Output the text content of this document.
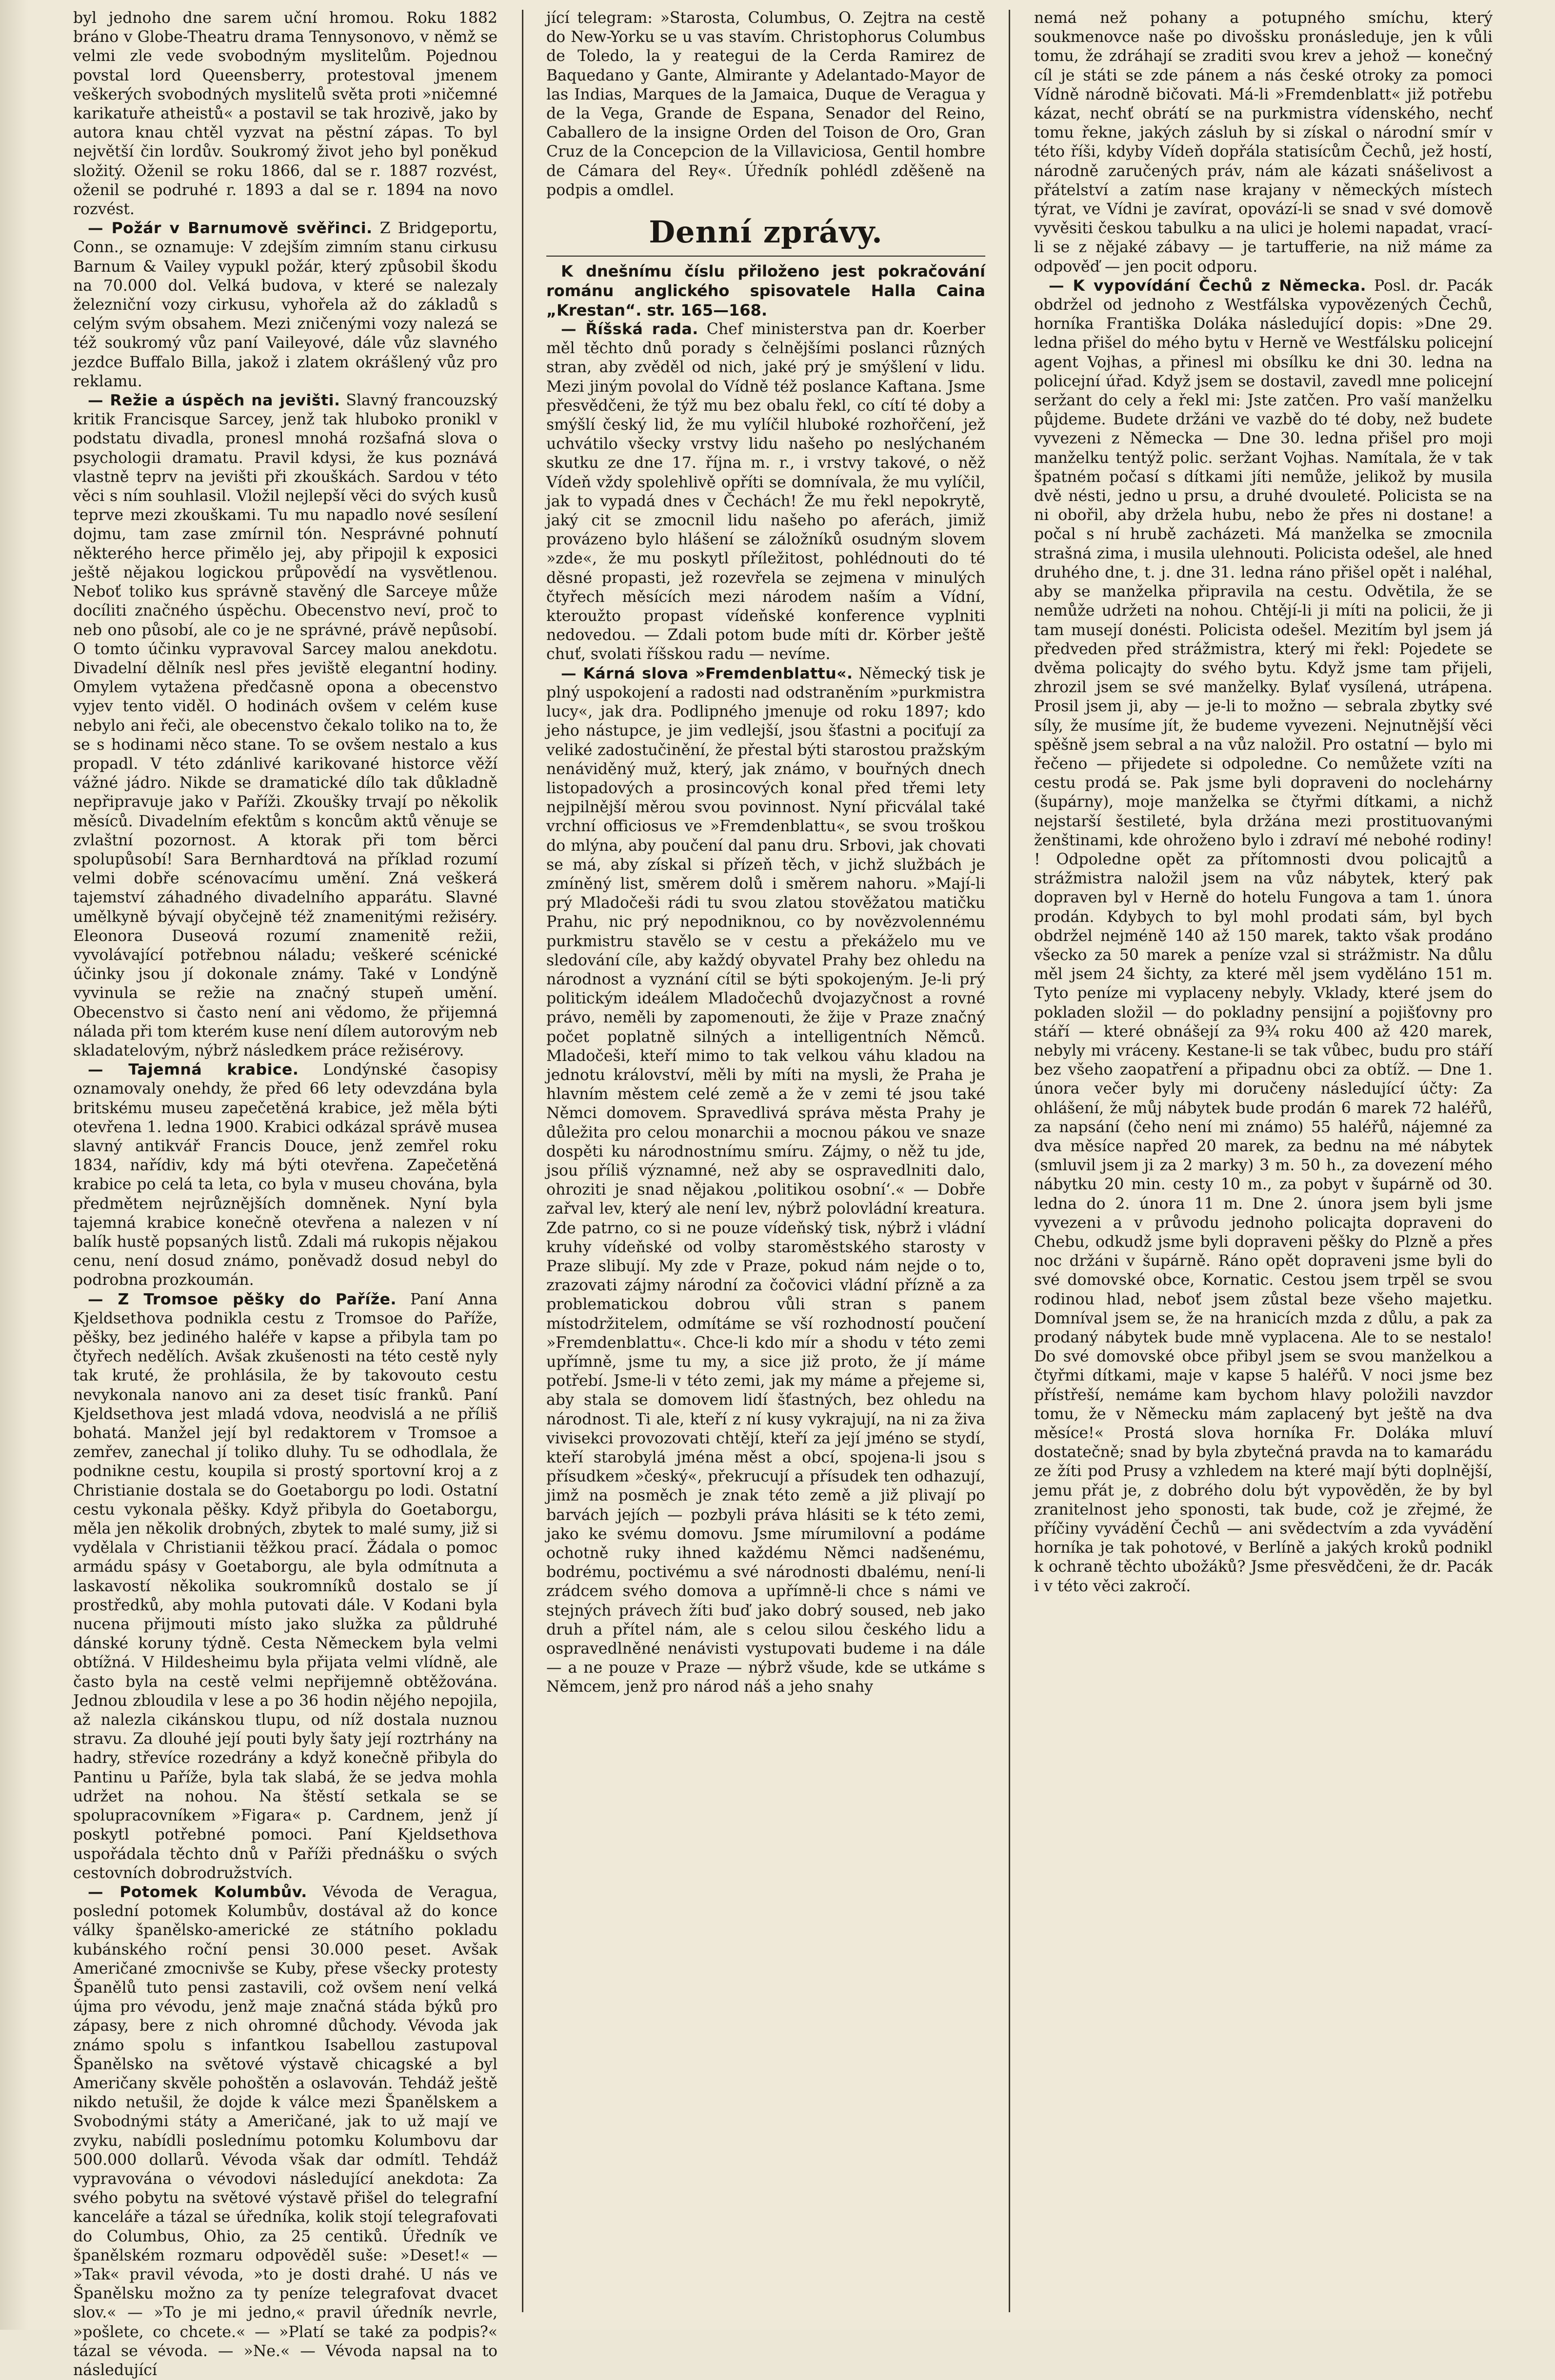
byl jednoho dne sarem uční hromou. Roku 1882 bráno v Globe-Theatru drama Tennysonovo, v němž se velmi zle vede svobodným myslitelům. Pojednou povstal lord Queensberry, protestoval jmenem veškerých svobodných myslitelů světa proti »ničemné karikatuře atheistů« a postavil se tak hrozivě, jako by autora knau chtěl vyzvat na pěstní zápas. To byl největší čin lordův. Soukromý život jeho byl poněkud složitý. Oženil se roku 1866, dal se r. 1887 rozvést, oženil se podruhé r. 1893 a dal se r. 1894 na novo rozvést.

— Požár v Barnumově svěřinci. Z Bridgeportu, Conn., se oznamuje: V zdejším zimním stanu cirkusu Barnum & Vailey vypukl požár, který způsobil škodu na 70.000 dol. Velká budova, v které se nalezaly železniční vozy cirkusu, vyhořela až do základů s celým svým obsahem. Mezi zničenými vozy nalezá se též soukromý vůz paní Vaileyové, dále vůz slavného jezdce Buffalo Billa, jakož i zlatem okrášlený vůz pro reklamu.

— Režie a úspěch na jevišti. Slavný francouzský kritik Francisque Sarcey, jenž tak hluboko pronikl v podstatu divadla, pronesl mnohá rozšafná slova o psychologii dramatu. Pravil kdysi, že kus poznává vlastně teprv na jevišti při zkouškách. Sardou v této věci s ním souhlasil. Vložil nejlepší věci do svých kusů teprve mezi zkouškami. Tu mu napadlo nové sesílení dojmu, tam zase zmírnil tón. Nesprávné pohnutí některého herce přimělo jej, aby připojil k exposici ještě nějakou logickou průpovědí na vysvětlenou. Neboť toliko kus správně stavěný dle Sarceye může docíliti značného úspěchu. Obecenstvo neví, proč to neb ono působí, ale co je ne správné, právě nepůsobí. O tomto účinku vypravoval Sarcey malou anekdotu. Divadelní dělník nesl přes jeviště elegantní hodiny. Omylem vytažena předčasně opona a obecenstvo vyjev tento viděl. O hodinách ovšem v celém kuse nebylo ani řeči, ale obecenstvo čekalo toliko na to, že se s hodinami něco stane. To se ovšem nestalo a kus propadl. V této zdánlivé karikované historce věží vážné jádro. Nikde se dramatické dílo tak důkladně nepřipravuje jako v Paříži. Zkoušky trvají po několik měsíců. Divadelním efektům s koncům aktů věnuje se zvlaštní pozornost. A ktorak při tom běrci spolupůsobí! Sara Bernhardtová na příklad rozumí velmi dobře scénovacímu umění. Zná veškerá tajemství záhadného divadelního apparátu. Slavné umělkyně bývají obyčejně též znamenitými režiséry. Eleonora Duseová rozumí znamenitě režii, vyvolávající potřebnou náladu; veškeré scénické účinky jsou jí dokonale známy. Také v Londýně vyvinula se režie na značný stupeň umění. Obecenstvo si často není ani vědomo, že přijemná nálada při tom kterém kuse není dílem autorovým neb skladatelovým, nýbrž následkem práce režisérovy.

— Tajemná krabice. Londýnské časopisy oznamovaly onehdy, že před 66 lety odevzdána byla britskému museu zapečetěná krabice, jež měla býti otevřena 1. ledna 1900. Krabici odkázal správě musea slavný antikvář Francis Douce, jenž zemřel roku 1834, nařídiv, kdy má býti otevřena. Zapečetěná krabice po celá ta leta, co byla v museu chována, byla předmětem nejrůznějších domněnek. Nyní byla tajemná krabice konečně otevřena a nalezen v ní balík hustě popsaných listů. Zdali má rukopis nějakou cenu, není dosud známo, poněvadž dosud nebyl do podrobna prozkoumán.

— Z Tromsoe pěšky do Paříže. Paní Anna Kjeldsethova podnikla cestu z Tromsoe do Paříže, pěšky, bez jediného haléře v kapse a přibyla tam po čtyřech nedělích. Avšak zkušenosti na této cestě nyly tak kruté, že prohlásila, že by takovouto cestu nevykonala nanovo ani za deset tisíc franků. Paní Kjeldsethova jest mladá vdova, neodvislá a ne příliš bohatá. Manžel její byl redaktorem v Tromsoe a zemřev, zanechal jí toliko dluhy. Tu se odhodlala, že podnikne cestu, koupila si prostý sportovní kroj a z Christianie dostala se do Goetaborgu po lodi. Ostatní cestu vykonala pěšky. Když přibyla do Goetaborgu, měla jen několik drobných, zbytek to malé sumy, již si vydělala v Christianii těžkou prací. Žádala o pomoc armádu spásy v Goetaborgu, ale byla odmítnuta a laskavostí několika soukromníků dostalo se jí prostředků, aby mohla putovati dále. V Kodani byla nucena přijmouti místo jako služka za půldruhé dánské koruny týdně. Cesta Německem byla velmi obtížná. V Hildesheimu byla přijata velmi vlídně, ale často byla na cestě velmi nepřijemně obtěžována. Jednou zbloudila v lese a po 36 hodin nějého nepojila, až nalezla cikánskou tlupu, od níž dostala nuznou stravu. Za dlouhé její pouti byly šaty její roztrhány na hadry, střevíce rozedrány a když konečně přibyla do Pantinu u Paříže, byla tak slabá, že se jedva mohla udržet na nohou. Na štěstí setkala se se spolupracovníkem »Figara« p. Cardnem, jenž jí poskytl potřebné pomoci. Paní Kjeldsethova uspořádala těchto dnů v Paříži přednášku o svých cestovních dobrodružstvích.

— Potomek Kolumbův. Vévoda de Veragua, poslední potomek Kolumbův, dostával až do konce války španělsko-americké ze státního pokladu kubánského roční pensi 30.000 peset. Avšak Američané zmocnivše se Kuby, přese všecky protesty Španělů tuto pensi zastavili, což ovšem není velká újma pro vévodu, jenž maje značná stáda býků pro zápasy, bere z nich ohromné důchody. Vévoda jak známo spolu s infantkou Isabellou zastupoval Španělsko na světové výstavě chicagské a byl Američany skvěle pohoštěn a oslavován. Tehdáž ještě nikdo netušil, že dojde k válce mezi Španělskem a Svobodnými státy a Američané, jak to už mají ve zvyku, nabídli poslednímu potomku Kolumbovu dar 500.000 dollarů. Vévoda však dar odmítl. Tehdáž vypravována o vévodovi následující anekdota: Za svého pobytu na světové výstavě přišel do telegrafní kanceláře a tázal se úředníka, kolik stojí telegrafovati do Columbus, Ohio, za 25 centiků. Úředník ve španělském rozmaru odpověděl suše: »Deset!« — »Tak« pravil vévoda, »to je dosti drahé. U nás ve Španělsku možno za ty peníze telegrafovat dvacet slov.« — »To je mi jedno,« pravil úředník nevrle, »pošlete, co chcete.« — »Platí se také za podpis?« tázal se vévoda. — »Ne.« — Vévoda napsal na to následující

jící telegram: »Starosta, Columbus, O. Zejtra na cestě do New-Yorku se u vas stavím. Christophorus Columbus de Toledo, la y reategui de la Cerda Ramirez de Baquedano y Gante, Almirante y Adelantado-Mayor de las Indias, Marques de la Jamaica, Duque de Veragua y de la Vega, Grande de Espana, Senador del Reino, Caballero de la insigne Orden del Toison de Oro, Gran Cruz de la Concepcion de la Villaviciosa, Gentil hombre de Cámara del Rey«. Úředník pohlédl zděšeně na podpis a omdlel.

Denní zprávy.

K dnešnímu číslu přiloženo jest pokračování románu anglického spisovatele Halla Caina „Krestan“. str. 165—168.

— Říšská rada. Chef ministerstva pan dr. Koerber měl těchto dnů porady s čelnějšími poslanci různých stran, aby zvěděl od nich, jaké prý je smýšlení v lidu. Mezi jiným povolal do Vídně též poslance Kaftana. Jsme přesvědčeni, že týž mu bez obalu řekl, co cítí té doby a smýšlí český lid, že mu vylíčil hluboké rozhořčení, jež uchvátilo všecky vrstvy lidu našeho po neslýchaném skutku ze dne 17. října m. r., i vrstvy takové, o něž Vídeň vždy spolehlivě opříti se domnívala, že mu vylíčil, jak to vypadá dnes v Čechách! Že mu řekl nepokrytě, jaký cit se zmocnil lidu našeho po aferách, jimiž provázeno bylo hlášení se záložníků osudným slovem »zde«, že mu poskytl příležitost, pohlédnouti do té děsné propasti, jež rozevřela se zejmena v minulých čtyřech měsících mezi národem naším a Vídní, kteroužto propast vídeňské konference vyplniti nedovedou. — Zdali potom bude míti dr. Körber ještě chuť, svolati říšskou radu — nevíme.

— Kárná slova »Fremdenblattu«. Německý tisk je plný uspokojení a radosti nad odstraněním »purkmistra lucy«, jak dra. Podlipného jmenuje od roku 1897; kdo jeho nástupce, je jim vedlejší, jsou šťastni a pociťují za veliké zadostučinění, že přestal býti starostou pražským nenáviděný muž, který, jak známo, v bouřných dnech listopadových a prosincových konal před třemi lety nejpilnější měrou svou povinnost. Nyní přicválal také vrchní officiosus ve »Fremdenblattu«, se svou troškou do mlýna, aby poučení dal panu dru. Srbovi, jak chovati se má, aby získal si přízeň těch, v jichž službách je zmíněný list, směrem dolů i směrem nahoru. »Mají-li prý Mladočeši rádi tu svou zlatou stověžatou matičku Prahu, nic prý nepodniknou, co by novězvolennému purkmistru stavělo se v cestu a překáželo mu ve sledování cíle, aby každý obyvatel Prahy bez ohledu na národnost a vyznání cítil se býti spokojeným. Je-li prý politickým ideálem Mladočechů dvojazyčnost a rovné právo, neměli by zapomenouti, že žije v Praze značný počet poplatně silných a intelligentních Němců. Mladočeši, kteří mimo to tak velkou váhu kladou na jednotu království, měli by míti na mysli, že Praha je hlavním městem celé země a že v zemi té jsou také Němci domovem. Spravedlivá správa města Prahy je důležita pro celou monarchii a mocnou pákou ve snaze dospěti ku národnostnímu smíru. Zájmy, o něž tu jde, jsou příliš významné, než aby se ospravedlniti dalo, ohroziti je snad nějakou ‚politikou osobní‘.« — Dobře zařval lev, který ale není lev, nýbrž polovládní kreatura. Zde patrno, co si ne pouze vídeňský tisk, nýbrž i vládní kruhy vídeňské od volby staroměstského starosty v Praze slibují. My zde v Praze, pokud nám nejde o to, zrazovati zájmy národní za čočovici vládní přízně a za problematickou dobrou vůli stran s panem místodržitelem, odmítáme se vší rozhodností poučení »Fremdenblattu«. Chce-li kdo mír a shodu v této zemi upřímně, jsme tu my, a sice již proto, že jí máme potřebí. Jsme-li v této zemi, jak my máme a přejeme si, aby stala se domovem lidí šťastných, bez ohledu na národnost. Ti ale, kteří z ní kusy vykrajují, na ni za živa vivisekci provozovati chtějí, kteří za její jméno se stydí, kteří starobylá jména měst a obcí, spojena-li jsou s přísudkem »český«, překrucují a přísudek ten odhazují, jimž na posměch je znak této země a již plivají po barvách jejích — pozbyli práva hlásiti se k této zemi, jako ke svému domovu. Jsme mírumilovní a podáme ochotně ruky ihned každému Němci nadšenému, bodrému, poctivému a své národnosti dbalému, není-li zrádcem svého domova a upřímně-li chce s námi ve stejných právech žíti buď jako dobrý soused, neb jako druh a přítel nám, ale s celou silou českého lidu a ospravedlněné nenávisti vystupovati budeme i na dále — a ne pouze v Praze — nýbrž všude, kde se utkáme s Němcem, jenž pro národ náš a jeho snahy

nemá než pohany a potupného smíchu, který soukmenovce naše po divošsku pronásleduje, jen k vůli tomu, že zdráhají se zraditi svou krev a jehož — konečný cíl je státi se zde pánem a nás české otroky za pomoci Vídně národně bičovati. Má-li »Fremdenblatt« již potřebu kázat, nechť obrátí se na purkmistra vídenského, nechť tomu řekne, jakých zásluh by si získal o národní smír v této říši, kdyby Vídeň dopřála statisícům Čechů, jež hostí, národně zaručených práv, nám ale kázati snášelivost a přátelství a zatím nase krajany v německých místech týrat, ve Vídni je zavírat, opovází-li se snad v své domově vyvěsiti českou tabulku a na ulici je holemi napadat, vrací-li se z nějaké zábavy — je tartufferie, na niž máme za odpověď — jen pocit odporu.

— K vypovídání Čechů z Německa. Posl. dr. Pacák obdržel od jednoho z Westfálska vypovězených Čechů, horníka Františka Doláka následující dopis: »Dne 29. ledna přišel do mého bytu v Herně ve Westfálsku policejní agent Vojhas, a přinesl mi obsílku ke dni 30. ledna na policejní úřad. Když jsem se dostavil, zavedl mne policejní seržant do cely a řekl mi: Jste zatčen. Pro vaší manželku půjdeme. Budete držáni ve vazbě do té doby, než budete vyvezeni z Německa — Dne 30. ledna přišel pro moji manželku tentýž polic. seržant Vojhas. Namítala, že v tak špatném počasí s dítkami jíti nemůže, jelikož by musila dvě nésti, jedno u prsu, a druhé dvouleté. Policista se na ni obořil, aby držela hubu, nebo že přes ni dostane! a počal s ní hrubě zacházeti. Má manželka se zmocnila strašná zima, i musila ulehnouti. Policista odešel, ale hned druhého dne, t. j. dne 31. ledna ráno přišel opět i naléhal, aby se manželka připravila na cestu. Odvětila, že se nemůže udržeti na nohou. Chtějí-li ji míti na policii, že ji tam musejí donésti. Policista odešel. Mezitím byl jsem já předveden před strážmistra, který mi řekl: Pojedete se dvěma policajty do svého bytu. Když jsme tam přijeli, zhrozil jsem se své manželky. Bylať vysílená, utrápena. Prosil jsem ji, aby — je-li to možno — sebrala zbytky své síly, že musíme jít, že budeme vyvezeni. Nejnutnější věci spěšně jsem sebral a na vůz naložil. Pro ostatní — bylo mi řečeno — přijedete si odpoledne. Co nemůžete vzíti na cestu prodá se. Pak jsme byli dopraveni do noclehárny (šupárny), moje manželka se čtyřmi dítkami, a nichž nejstarší šestileté, byla držána mezi prostituovanými ženštinami, kde ohroženo bylo i zdraví mé nebohé rodiny! ! Odpoledne opět za přítomnosti dvou policajtů a strážmistra naložil jsem na vůz nábytek, který pak dopraven byl v Herně do hotelu Fungova a tam 1. února prodán. Kdybych to byl mohl prodati sám, byl bych obdržel nejméně 140 až 150 marek, takto však prodáno všecko za 50 marek a peníze vzal si strážmistr. Na důlu měl jsem 24 šichty, za které měl jsem vyděláno 151 m. Tyto peníze mi vyplaceny nebyly. Vklady, které jsem do pokladen složil — do pokladny pensijní a pojišťovny pro stáří — které obnášejí za 9¾ roku 400 až 420 marek, nebyly mi vráceny. Kestane-li se tak vůbec, budu pro stáří bez všeho zaopatření a připadnu obci za obtíž. — Dne 1. února večer byly mi doručeny následující účty: Za ohlášení, že můj nábytek bude prodán 6 marek 72 haléřů, za napsání (čeho není mi známo) 55 haléřů, nájemné za dva měsíce napřed 20 marek, za bednu na mé nábytek (smluvil jsem ji za 2 marky) 3 m. 50 h., za dovezení mého nábytku 20 min. cesty 10 m., za pobyt v šupárně od 30. ledna do 2. února 11 m. Dne 2. února jsem byli jsme vyvezeni a v průvodu jednoho policajta dopraveni do Chebu, odkudž jsme byli dopraveni pěšky do Plzně a přes noc držáni v šupárně. Ráno opět dopraveni jsme byli do své domovské obce, Kornatic. Cestou jsem trpěl se svou rodinou hlad, neboť jsem zůstal beze všeho majetku. Domníval jsem se, že na hranicích mzda z důlu, a pak za prodaný nábytek bude mně vyplacena. Ale to se nestalo! Do své domovské obce přibyl jsem se svou manželkou a čtyřmi dítkami, maje v kapse 5 haléřů. V noci jsme bez přístřeší, nemáme kam bychom hlavy položili navzdor tomu, že v Německu mám zaplacený byt ještě na dva měsíce!« Prostá slova horníka Fr. Doláka mluví dostatečně; snad by byla zbytečná pravda na to kamarádu ze žíti pod Prusy a vzhledem na které mají býti doplnější, jemu přát je, z dobrého dolu být vypověděn, že by byl zranitelnost jeho sponosti, tak bude, což je zřejmé, že příčiny vyvádění Čechů — ani svědectvím a zda vyvádění horníka je tak pohotové, v Berlíně a jakých kroků podnikl k ochraně těchto ubožáků? Jsme přesvědčeni, že dr. Pacák i v této věci zakročí.
